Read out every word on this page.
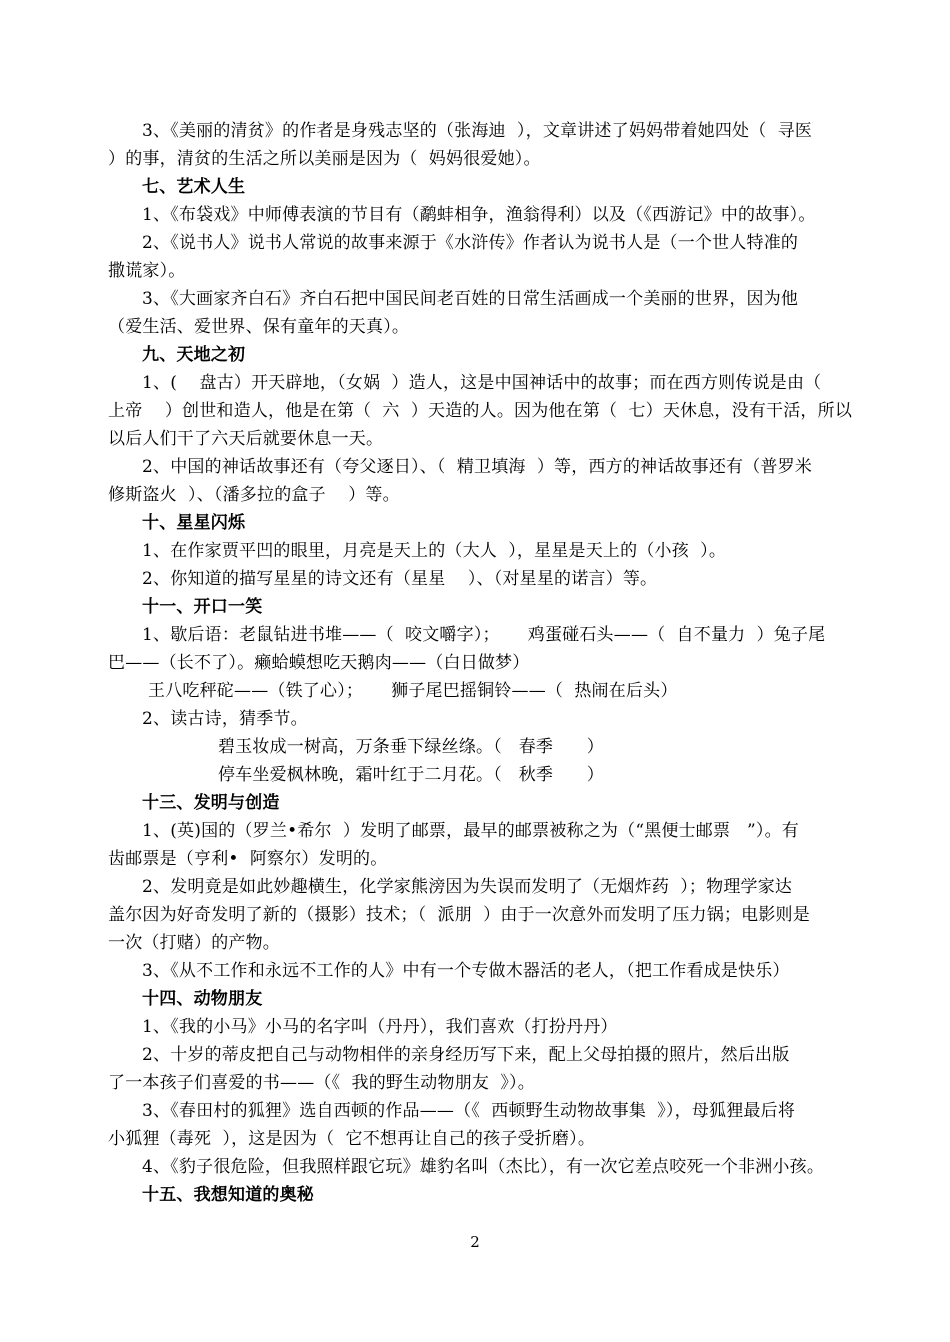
3、《美丽的清贫》的作者是身残志坚的（张海迪  ），文章讲述了妈妈带着她四处（  寻医
）的事，清贫的生活之所以美丽是因为（  妈妈很爱她）。
七、艺术人生
1、《布袋戏》中师傅表演的节目有（鹬蚌相争，渔翁得利）以及（《西游记》中的故事）。
2、《说书人》说书人常说的故事来源于《水浒传》作者认为说书人是（一个世人特准的
撒谎家）。
3、《大画家齐白石》齐白石把中国民间老百姓的日常生活画成一个美丽的世界，因为他
（爱生活、爱世界、保有童年的天真）。
九、天地之初
1、(    盘古）开天辟地，（女娲  ）造人，这是中国神话中的故事；而在西方则传说是由（
上帝    ）创世和造人，他是在第（  六  ）天造的人。因为他在第（  七）天休息，没有干活，所以
以后人们干了六天后就要休息一天。
2、中国的神话故事还有（夸父逐日）、（  精卫填海  ）等，西方的神话故事还有（普罗米
修斯盗火  ）、（潘多拉的盒子    ）等。
十、星星闪烁
1、在作家贾平凹的眼里，月亮是天上的（大人  ），星星是天上的（小孩  ）。
2、你知道的描写星星的诗文还有（星星    ）、（对星星的诺言）等。
十一、开口一笑
1、歇后语：老鼠钻进书堆——（  咬文嚼字）；     鸡蛋碰石头——（  自不量力  ）兔子尾
巴——（长不了）。癞蛤蟆想吃天鹅肉——（白日做梦）
王八吃秤砣——（铁了心）；     狮子尾巴摇铜铃——（  热闹在后头）
2、读古诗，猜季节。
碧玉妆成一树高，万条垂下绿丝绦。（   春季      ）
停车坐爱枫林晚，霜叶红于二月花。（   秋季      ）
十三、发明与创造
1、(英)国的（罗兰•希尔  ）发明了邮票，最早的邮票被称之为（“黑便士邮票   ”）。有
齿邮票是（亨利•  阿察尔）发明的。
2、发明竟是如此妙趣横生，化学家熊滂因为失误而发明了（无烟炸药  ）；物理学家达
盖尔因为好奇发明了新的（摄影）技术；（  派朋  ）由于一次意外而发明了压力锅；电影则是
一次（打赌）的产物。
3、《从不工作和永远不工作的人》中有一个专做木器活的老人，（把工作看成是快乐）
十四、动物朋友
1、《我的小马》小马的名字叫（丹丹），我们喜欢（打扮丹丹）
2、十岁的蒂皮把自己与动物相伴的亲身经历写下来，配上父母拍摄的照片，然后出版
了一本孩子们喜爱的书——（《  我的野生动物朋友  》）。
3、《春田村的狐狸》选自西顿的作品——（《  西顿野生动物故事集  》），母狐狸最后将
小狐狸（毒死  ），这是因为（  它不想再让自己的孩子受折磨）。
4、《豹子很危险，但我照样跟它玩》雄豹名叫（杰比），有一次它差点咬死一个非洲小孩。
十五、我想知道的奥秘
2
